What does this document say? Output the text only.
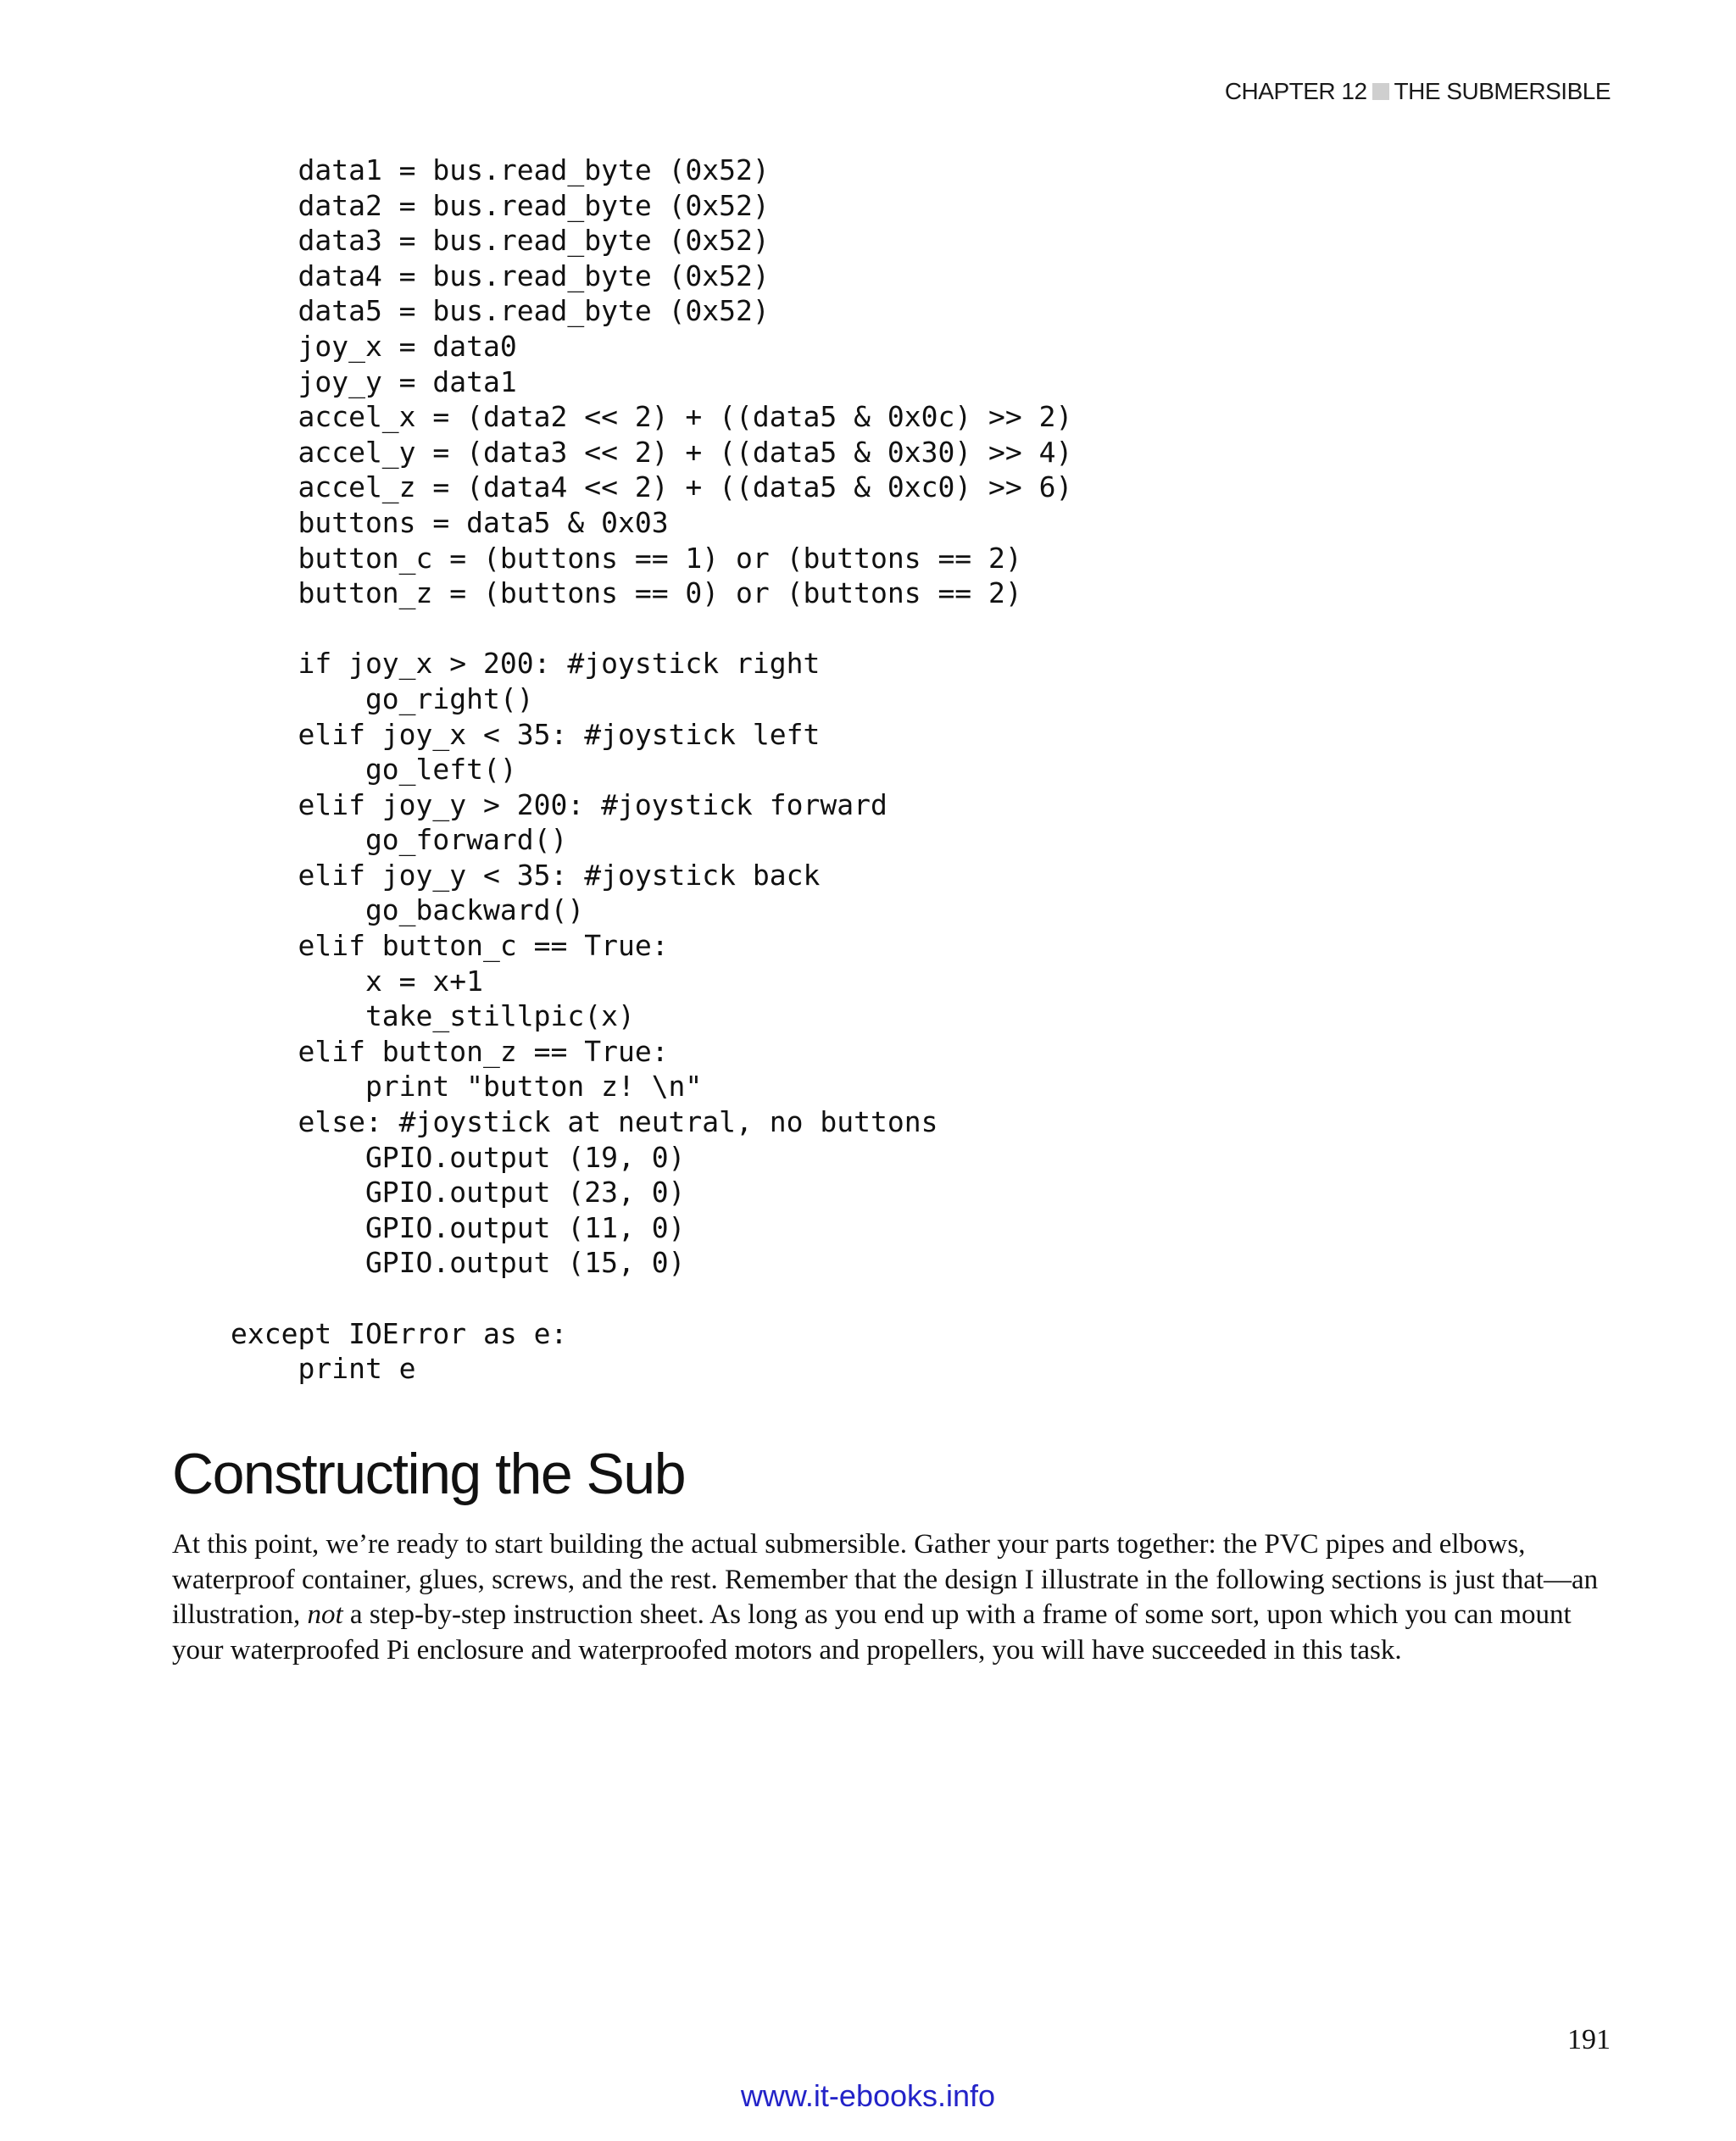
CHAPTER 12 THE SUBMERSIBLE
data1 = bus.read_byte (0x52)
data2 = bus.read_byte (0x52)
data3 = bus.read_byte (0x52)
data4 = bus.read_byte (0x52)
data5 = bus.read_byte (0x52)
joy_x = data0
joy_y = data1
accel_x = (data2 << 2) + ((data5 & 0x0c) >> 2)
accel_y = (data3 << 2) + ((data5 & 0x30) >> 4)
accel_z = (data4 << 2) + ((data5 & 0xc0) >> 6)
buttons = data5 & 0x03
button_c = (buttons == 1) or (buttons == 2)
button_z = (buttons == 0) or (buttons == 2)
if joy_x > 200: #joystick right
go_right()
elif joy_x < 35: #joystick left
go_left()
elif joy_y > 200: #joystick forward
go_forward()
elif joy_y < 35: #joystick back
go_backward()
elif button_c == True:
x = x+1
take_stillpic(x)
elif button_z == True:
print "button z! \n"
else: #joystick at neutral, no buttons
GPIO.output (19, 0)
GPIO.output (23, 0)
GPIO.output (11, 0)
GPIO.output (15, 0)
except IOError as e:
print e
Constructing the Sub

At this point, we’re ready to start building the actual submersible. Gather your parts together: the PVC pipes and elbows, waterproof container, glues, screws, and the rest. Remember that the design I illustrate in the following sections is just that—an illustration, not a step-by-step instruction sheet. As long as you end up with a frame of some sort, upon which you can mount your waterproofed Pi enclosure and waterproofed motors and propellers, you will have succeeded in this task.

191
www.it-ebooks.info
